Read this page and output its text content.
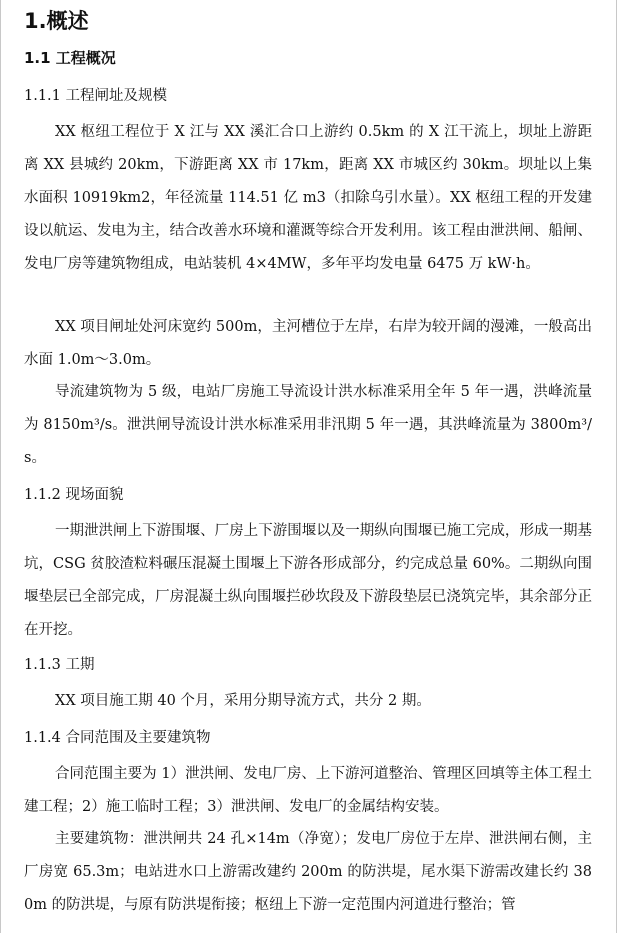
1.概述
1.1 工程概况
1.1.1 工程闸址及规模
XX 枢纽工程位于 X 江与 XX 溪汇合口上游约 0.5km 的 X 江干流上，坝址上游距离 XX 县城约 20km，下游距离 XX 市 17km，距离 XX 市城区约 30km。坝址以上集水面积 10919km2，年径流量 114.51 亿 m3（扣除乌引水量）。XX 枢纽工程的开发建设以航运、发电为主，结合改善水环境和灌溉等综合开发利用。该工程由泄洪闸、船闸、发电厂房等建筑物组成，电站装机 4×4MW，多年平均发电量 6475 万 kW·h。
XX 项目闸址处河床宽约 500m，主河槽位于左岸，右岸为较开阔的漫滩，一般高出水面 1.0m～3.0m。
导流建筑物为 5 级，电站厂房施工导流设计洪水标准采用全年 5 年一遇，洪峰流量为 8150m³/s。泄洪闸导流设计洪水标准采用非汛期 5 年一遇，其洪峰流量为 3800m³/s。
1.1.2 现场面貌
一期泄洪闸上下游围堰、厂房上下游围堰以及一期纵向围堰已施工完成，形成一期基坑，CSG 贫胶渣粒料碾压混凝土围堰上下游各形成部分，约完成总量 60%。二期纵向围堰垫层已全部完成，厂房混凝土纵向围堰拦砂坎段及下游段垫层已浇筑完毕，其余部分正在开挖。
1.1.3 工期
XX 项目施工期 40 个月，采用分期导流方式，共分 2 期。
1.1.4 合同范围及主要建筑物
合同范围主要为 1）泄洪闸、发电厂房、上下游河道整治、管理区回填等主体工程土建工程；2）施工临时工程；3）泄洪闸、发电厂的金属结构安装。
主要建筑物：泄洪闸共 24 孔×14m（净宽）；发电厂房位于左岸、泄洪闸右侧，主厂房宽 65.3m；电站进水口上游需改建约 200m 的防洪堤，尾水渠下游需改建长约 380m 的防洪堤，与原有防洪堤衔接；枢纽上下游一定范围内河道进行整治；管
